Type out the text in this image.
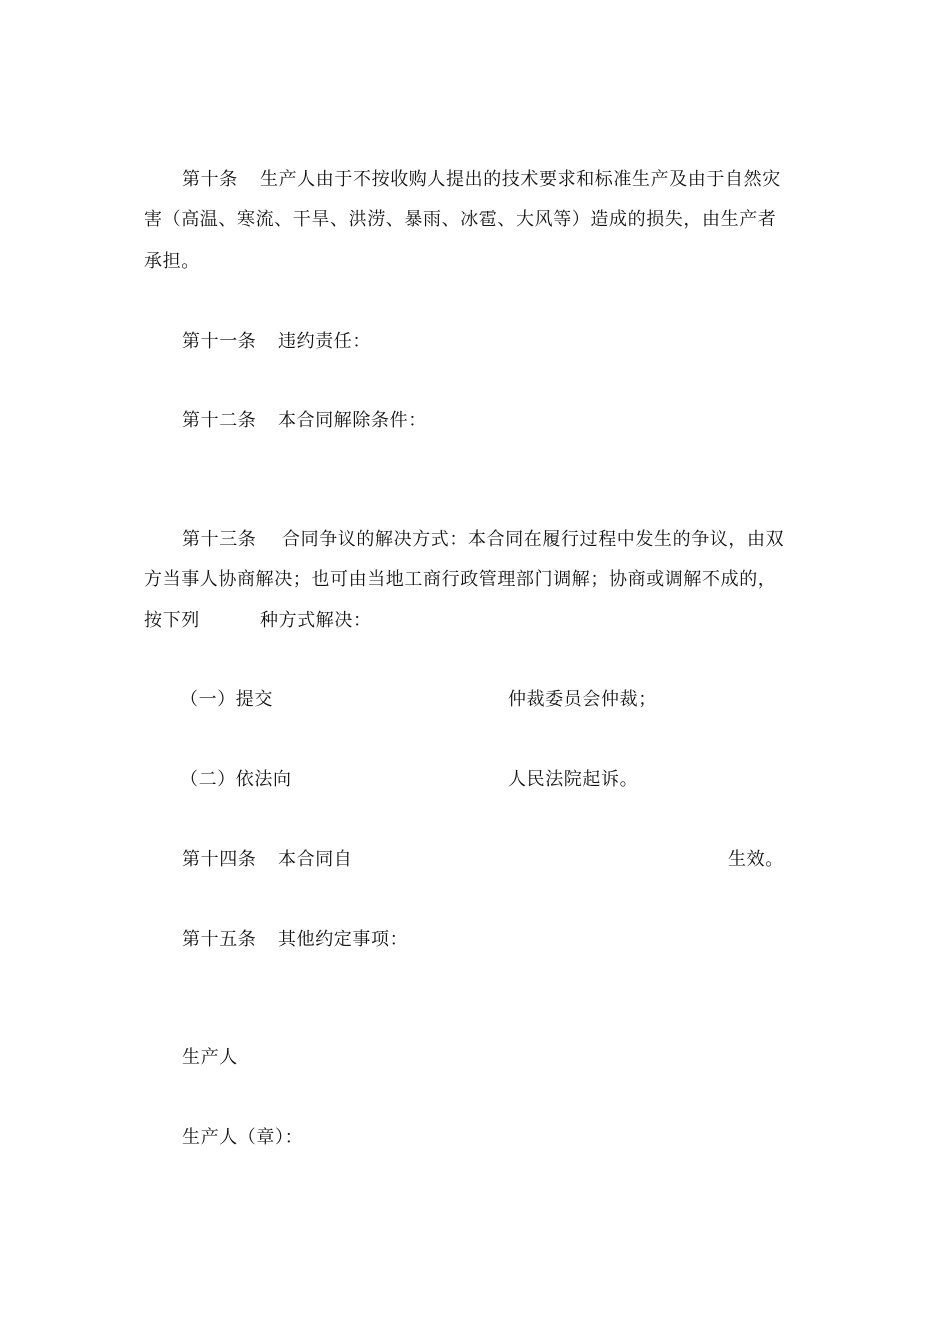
第十条 生产人由于不按收购人提出的技术要求和标准生产及由于自然灾
害（高温、寒流、干旱、洪涝、暴雨、冰雹、大风等）造成的损失，由生产者
承担。
第十一条 违约责任：
第十二条 本合同解除条件：
第十三条 合同争议的解决方式：本合同在履行过程中发生的争议，由双
方当事人协商解决；也可由当地工商行政管理部门调解；协商或调解不成的，
按下列	种方式解决：
（一）提交	仲裁委员会仲裁；
（二）依法向	人民法院起诉。
第十四条 本合同自	生效。
第十五条 其他约定事项：
生产人
生产人（章）：
